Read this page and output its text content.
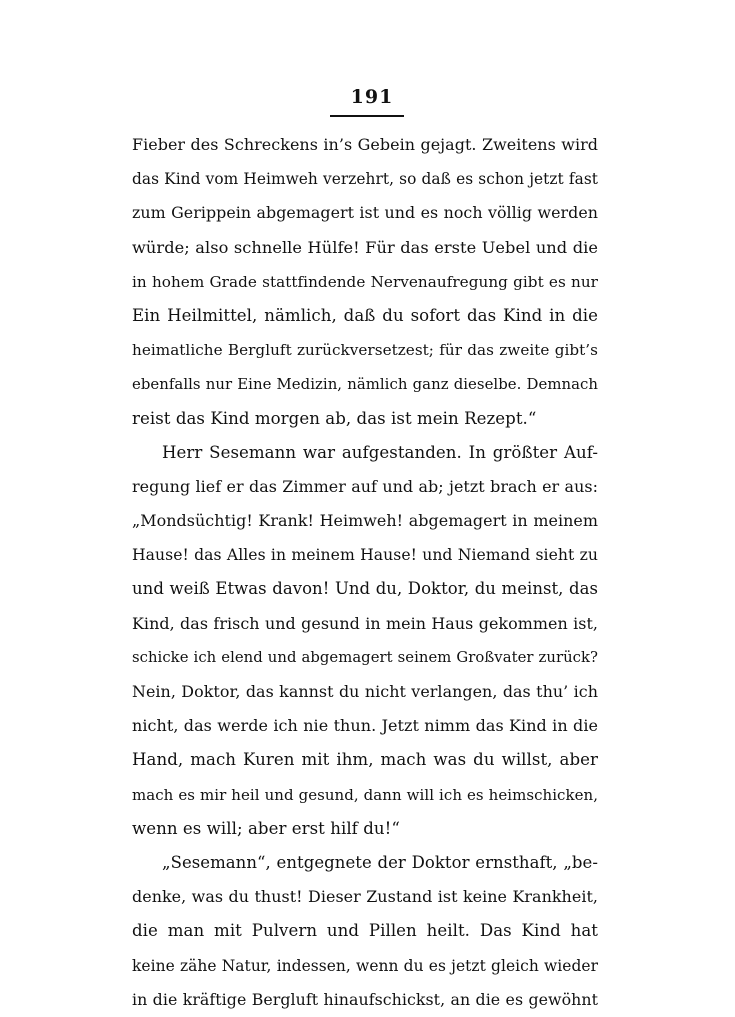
191
Fieber des Schreckens in’s Gebein gejagt. Zweitens wird
das Kind vom Heimweh verzehrt, so daß es schon jetzt fast
zum Gerippein abgemagert ist und es noch völlig werden
würde; also schnelle Hülfe! Für das erste Uebel und die
in hohem Grade stattfindende Nervenaufregung gibt es nur
Ein Heilmittel, nämlich, daß du sofort das Kind in die
heimatliche Bergluft zurückversetzest; für das zweite gibt’s
ebenfalls nur Eine Medizin, nämlich ganz dieselbe. Demnach
reist das Kind morgen ab, das ist mein Rezept.“
Herr Sesemann war aufgestanden. In größter Auf-
regung lief er das Zimmer auf und ab; jetzt brach er aus:
„Mondsüchtig! Krank! Heimweh! abgemagert in meinem
Hause! das Alles in meinem Hause! und Niemand sieht zu
und weiß Etwas davon! Und du, Doktor, du meinst, das
Kind, das frisch und gesund in mein Haus gekommen ist,
schicke ich elend und abgemagert seinem Großvater zurück?
Nein, Doktor, das kannst du nicht verlangen, das thu’ ich
nicht, das werde ich nie thun. Jetzt nimm das Kind in die
Hand, mach Kuren mit ihm, mach was du willst, aber
mach es mir heil und gesund, dann will ich es heimschicken,
wenn es will; aber erst hilf du!“
„Sesemann“, entgegnete der Doktor ernsthaft, „be-
denke, was du thust! Dieser Zustand ist keine Krankheit,
die man mit Pulvern und Pillen heilt. Das Kind hat
keine zähe Natur, indessen, wenn du es jetzt gleich wieder
in die kräftige Bergluft hinaufschickst, an die es gewöhnt
